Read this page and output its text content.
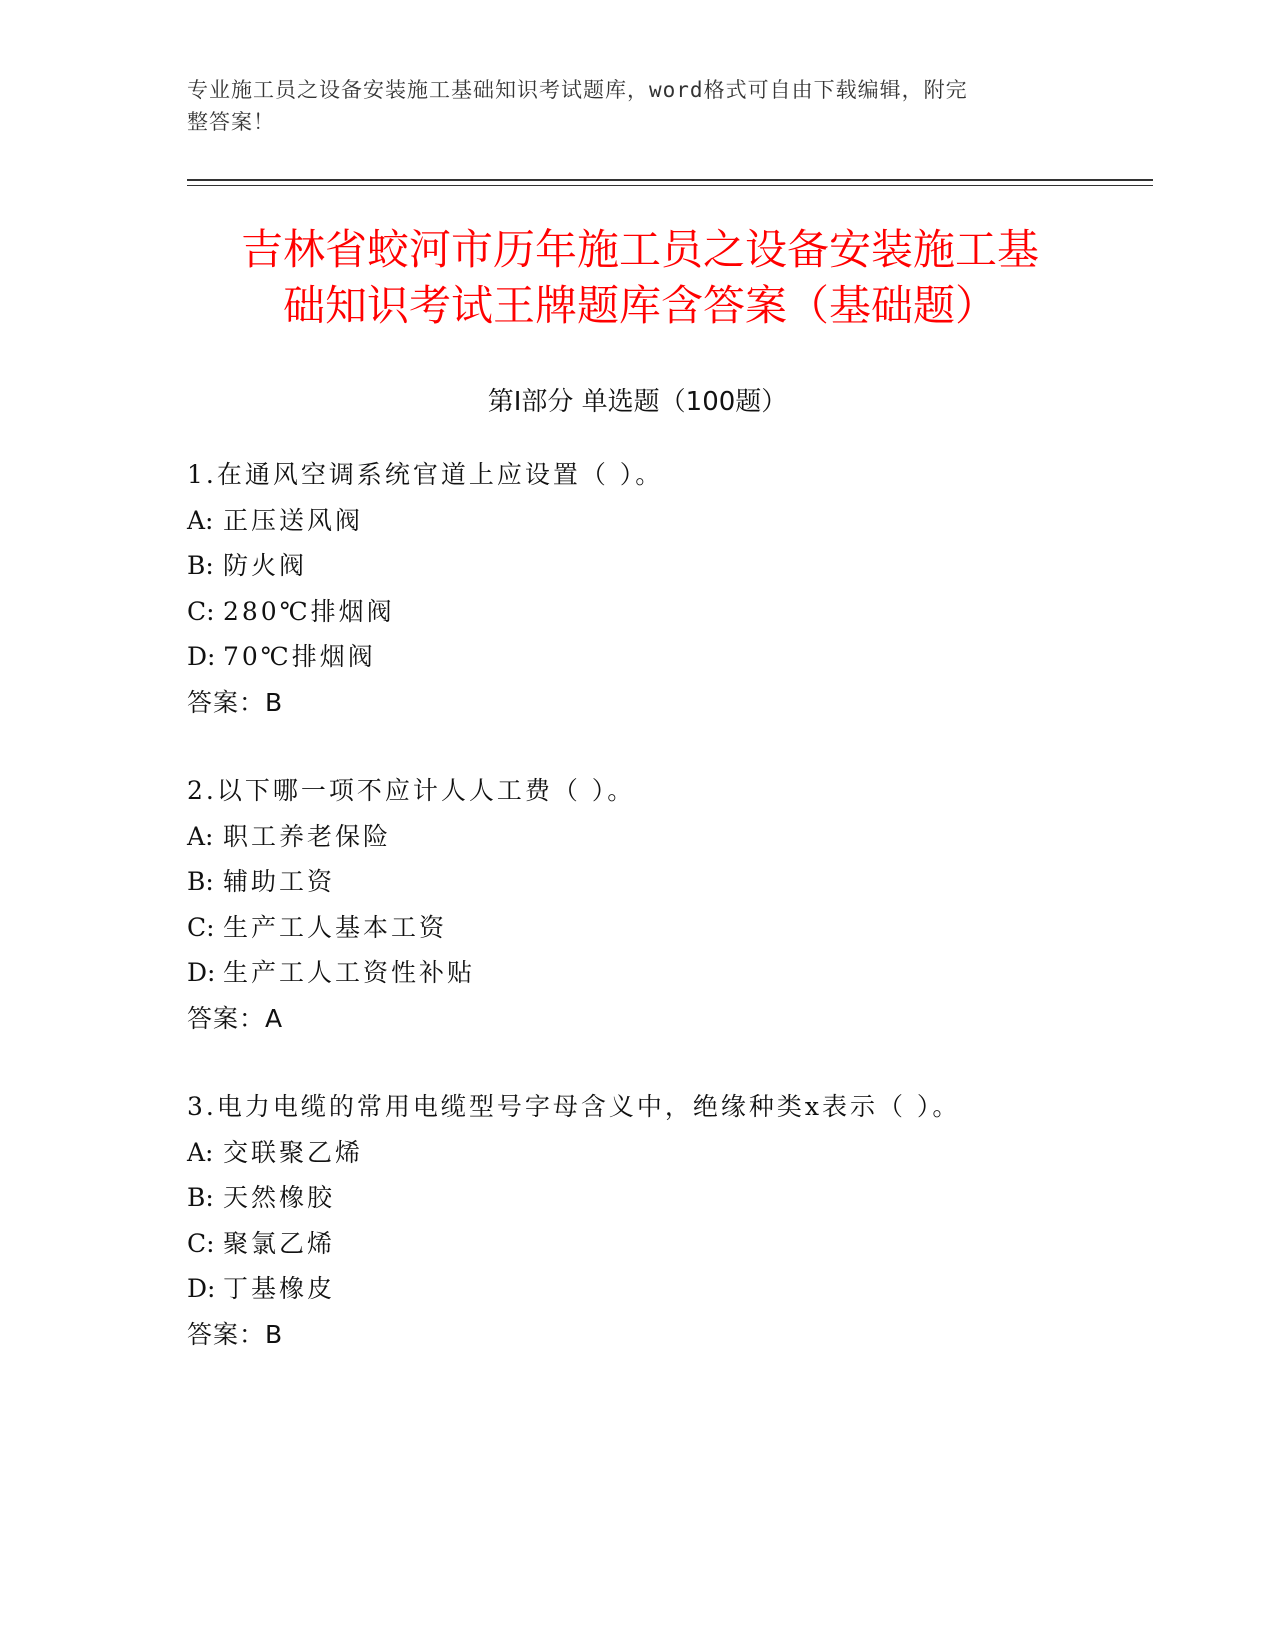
专业施工员之设备安装施工基础知识考试题库，word格式可自由下载编辑，附完
整答案！
吉林省蛟河市历年施工员之设备安装施工基
础知识考试王牌题库含答案（基础题）
第Ⅰ部分 单选题（100题）
1.在通风空调系统官道上应设置（ ）。
A: 正压送风阀
B: 防火阀
C: 280℃排烟阀
D: 70℃排烟阀
答案：B
2.以下哪一项不应计人人工费（ ）。
A: 职工养老保险
B: 辅助工资
C: 生产工人基本工资
D: 生产工人工资性补贴
答案：A
3.电力电缆的常用电缆型号字母含义中，绝缘种类x表示（ ）。
A: 交联聚乙烯
B: 天然橡胶
C: 聚氯乙烯
D: 丁基橡皮
答案：B
